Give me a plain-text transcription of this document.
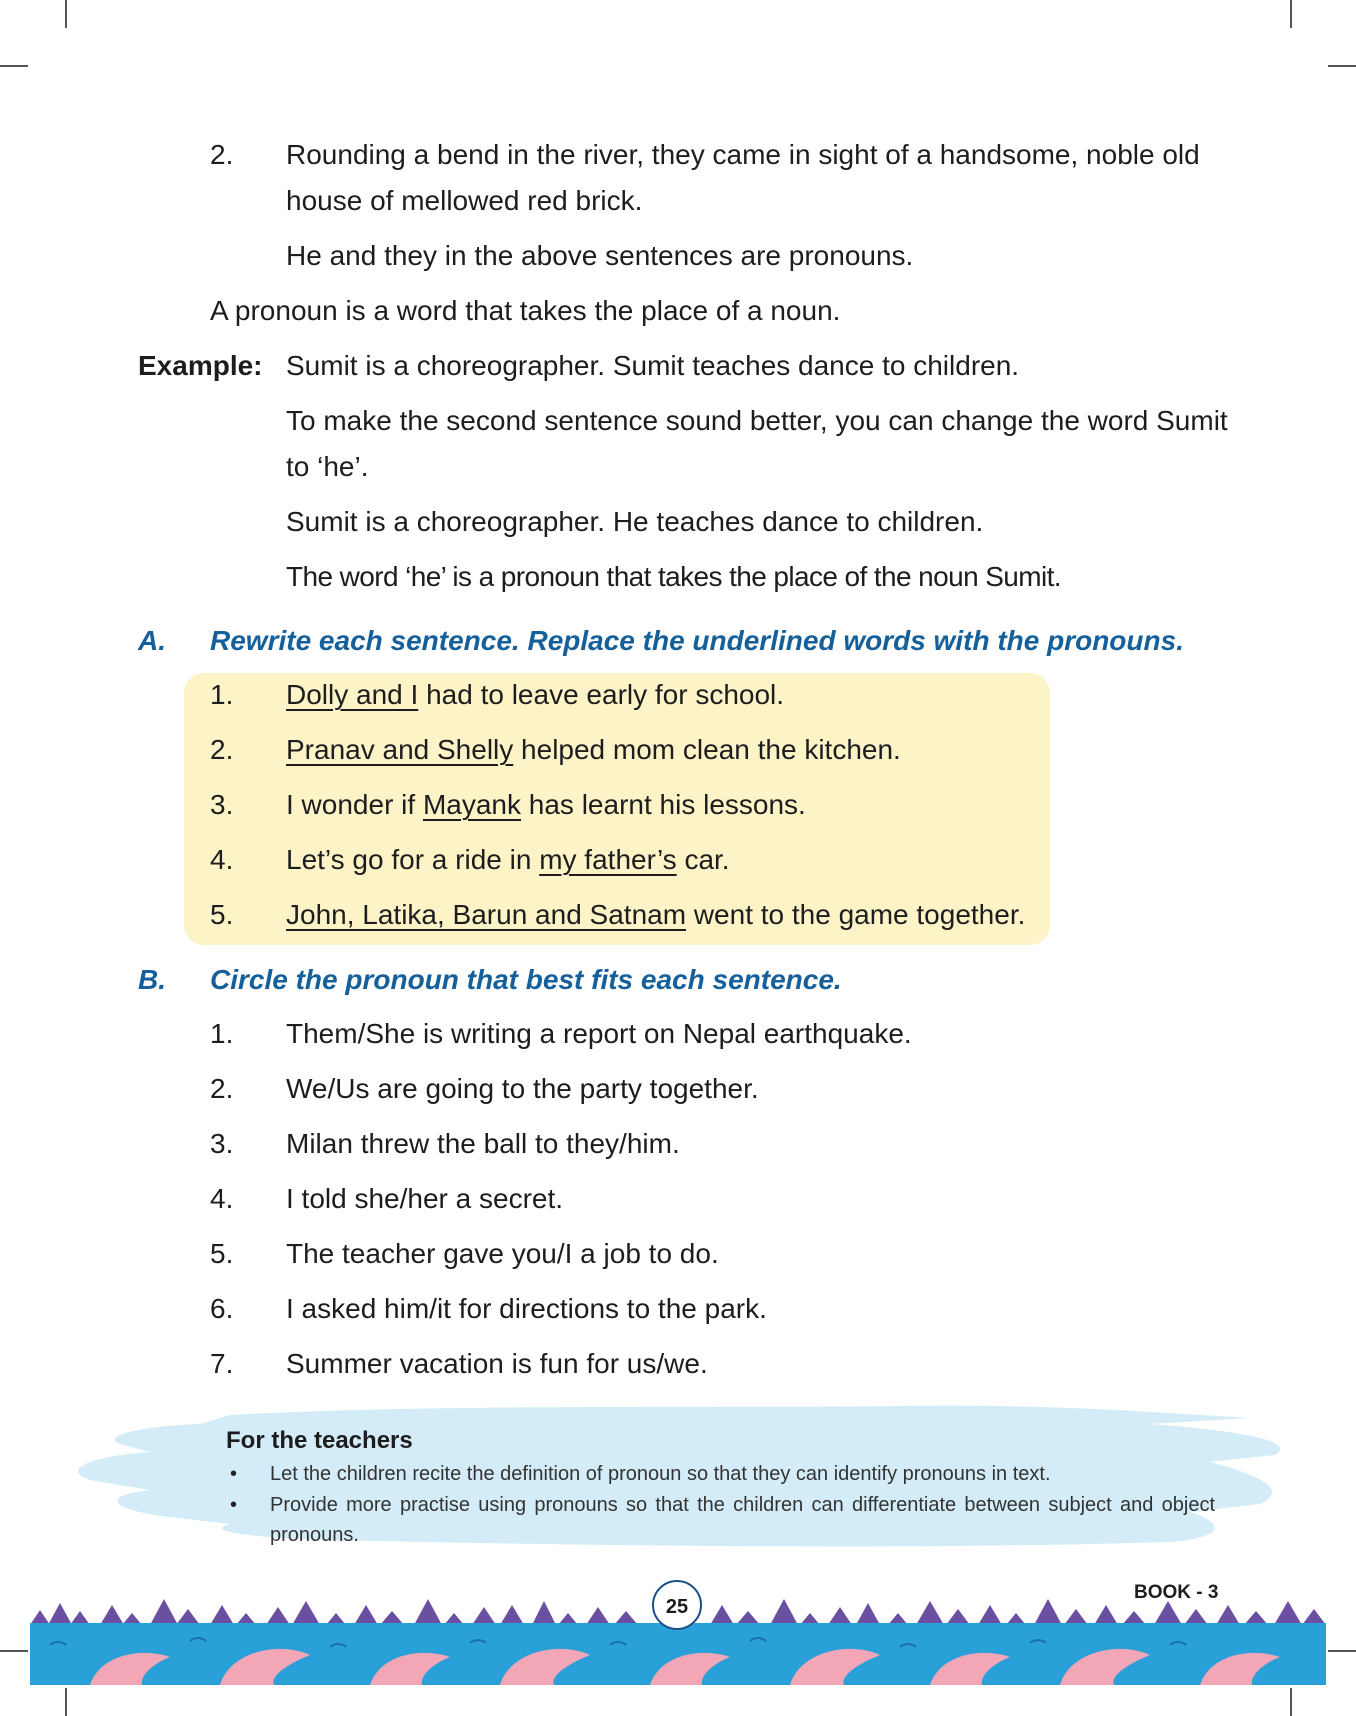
2. Rounding a bend in the river, they came in sight of a handsome, noble old
house of mellowed red brick.
He and they in the above sentences are pronouns.
A pronoun is a word that takes the place of a noun.
Example: Sumit is a choreographer. Sumit teaches dance to children.
To make the second sentence sound better, you can change the word Sumit
to ‘he’.
Sumit is a choreographer. He teaches dance to children.
The word ‘he’ is a pronoun that takes the place of the noun Sumit.
A. Rewrite each sentence. Replace the underlined words with the pronouns.
1. Dolly and I had to leave early for school.
2. Pranav and Shelly helped mom clean the kitchen.
3. I wonder if Mayank has learnt his lessons.
4. Let’s go for a ride in my father’s car.
5. John, Latika, Barun and Satnam went to the game together.
B. Circle the pronoun that best fits each sentence.
1. Them/She is writing a report on Nepal earthquake.
2. We/Us are going to the party together.
3. Milan threw the ball to they/him.
4. I told she/her a secret.
5. The teacher gave you/I a job to do.
6. I asked him/it for directions to the park.
7. Summer vacation is fun for us/we.
For the teachers
• Let the children recite the definition of pronoun so that they can identify pronouns in text.
• Provide more practise using pronouns so that the children can differentiate between subject and object pronouns.
25
BOOK - 3
